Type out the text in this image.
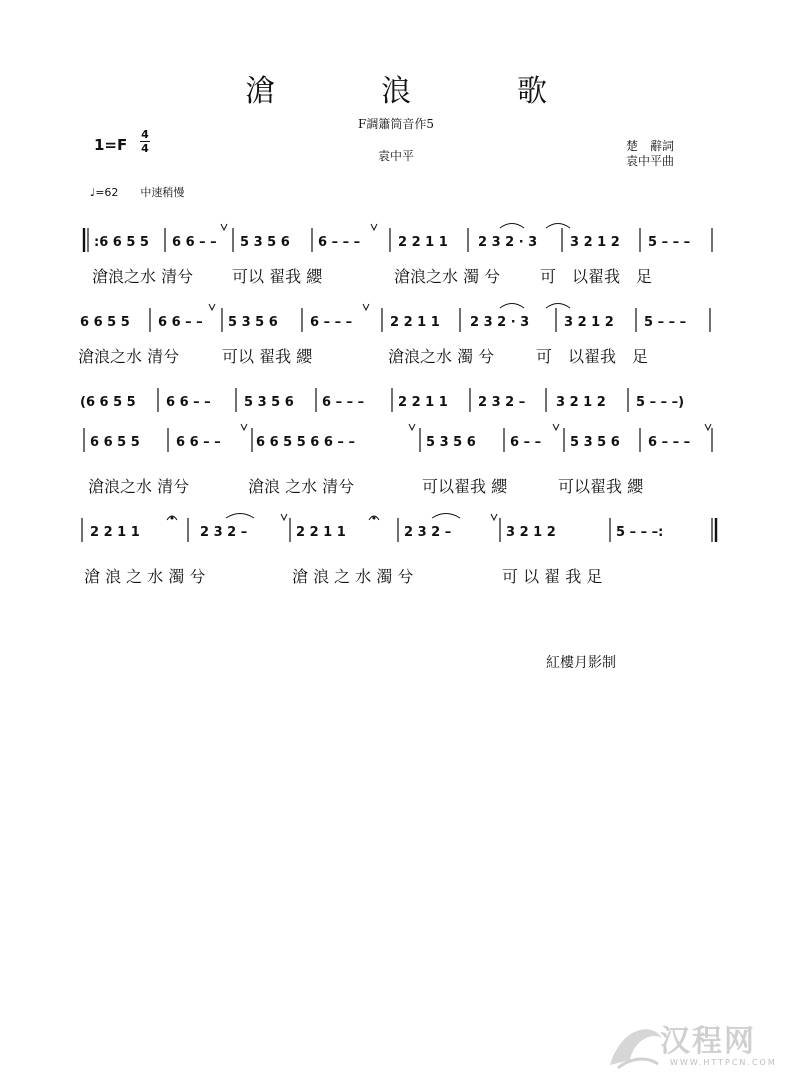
滄　浪　歌
F調簫筒音作5
袁中平
1=F
4
4	楚　辭詞
袁中平曲
♩=62 中速稍慢
:6 6 5 5 6 6 – – 5 3 5 6 6 – – –	2 2 1 1 2 3 2 · 3	3 2 1 2 5 – – –
6 6 5 5 6 6 – – 5 3 5 6 6 – – –	2 2 1 1 2 3 2 · 3	3 2 1 2 5 – – –
(6 6 5 5 6 6 – –	5 3 5 6 6 – – –	2 2 1 1 2 3 2 – 3 2 1 2 5 – – –)
6 6 5 5	6 6 – –	6 6 5 5 6 6 – –	5 3 5 6	6 – – 5 3 5 6 6 – – –
2 2 1 1	2 3 2 –	2 2 1 1	2 3 2 –	3 2 1 2	5 – – –:
滄浪之水 清兮 可以 翟我 纓	滄浪之水 濁 兮 可　以翟我　足
滄浪之水 清兮	可以 翟我 纓	滄浪之水 濁 兮	可　以翟我　足
滄浪之水 清兮	滄浪 之水 清兮	可以翟我 纓	可以翟我 纓
滄 浪 之 水 濁 兮	滄 浪 之 水 濁 兮	可 以 翟 我 足
紅樓月影制
汉程网
WWW.HTTPCN.COM
